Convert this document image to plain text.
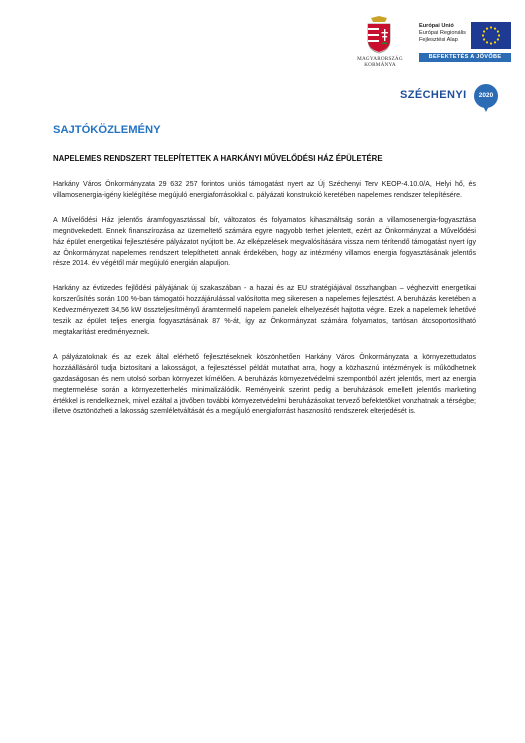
MAGYARORSZÁG
KORMÁNYA
Európai Unió
Európai Regionális
Fejlesztési Alap
BEFEKTETÉS A JÖVŐBE
SZÉCHENYI	2020
SAJTÓKÖZLEMÉNY
NAPELEMES RENDSZERT TELEPÍTETTEK A HARKÁNYI MŰVELŐDÉSI HÁZ ÉPÜLETÉRE

Harkány Város Önkormányzata 29 632 257 forintos uniós támogatást nyert az Új Széchenyi Terv KEOP-4.10.0/A, Helyi hő, és villamosenergia-igény kielégítése megújuló energiaforrásokkal c. pályázati konstrukció keretében napelemes rendszer telepítésére.

A Művelődési Ház jelentős áramfogyasztással bír, változatos és folyamatos kihasználtság során a villamosenergia-fogyasztása megnövekedett. Ennek finanszírozása az üzemeltető számára egyre nagyobb terhet jelentett, ezért az Önkormányzat a Művelődési ház épület energetikai fejlesztésére pályázatot nyújtott be. Az elképzelések megvalósítására vissza nem térítendő támogatást nyert így az Önkormányzat napelemes rendszert telepíthetett annak érdekében, hogy az intézmény villamos energia fogyasztásának jelentős része 2014. év végétől már megújuló energián alapuljon.

Harkány az évtizedes fejlődési pályájának új szakaszában - a hazai és az EU stratégiájával összhangban – véghezvitt energetikai korszerűsítés során 100 %-ban támogatói hozzájárulással valósította meg sikeresen a napelemes fejlesztést. A beruházás keretében a Kedvezményezett 34,56 kW összteljesítményű áramtermelő napelem panelek elhelyezését hajtotta végre. Ezek a napelemek lehetővé teszik az épület teljes energia fogyasztásának 87 %-át, így az Önkormányzat számára folyamatos, tartósan átcsoportosítható megtakarítást eredményeznek.

A pályázatoknak és az ezek által elérhető fejlesztéseknek köszönhetően Harkány Város Önkormányzata a környezettudatos hozzáállásáról tudja biztosítani a lakosságot, a fejlesztéssel példát mutathat arra, hogy a közhasznú intézmények is működhetnek gazdaságosan és nem utolsó sorban környezet kímélően. A beruházás környezetvédelmi szempontból azért jelentős, mert az energia megtermelése során a környezetterhelés minimalizálódik. Reményeink szerint pedig a beruházások emellett jelentős marketing értékkel is rendelkeznek, mivel ezáltal a jövőben további környezetvédelmi beruházásokat tervező befektetőket vonzhatnak a térségbe; illetve ösztönözheti a lakosság szemléletváltását és a megújuló energiaforrást hasznosító rendszerek elterjedését is.
